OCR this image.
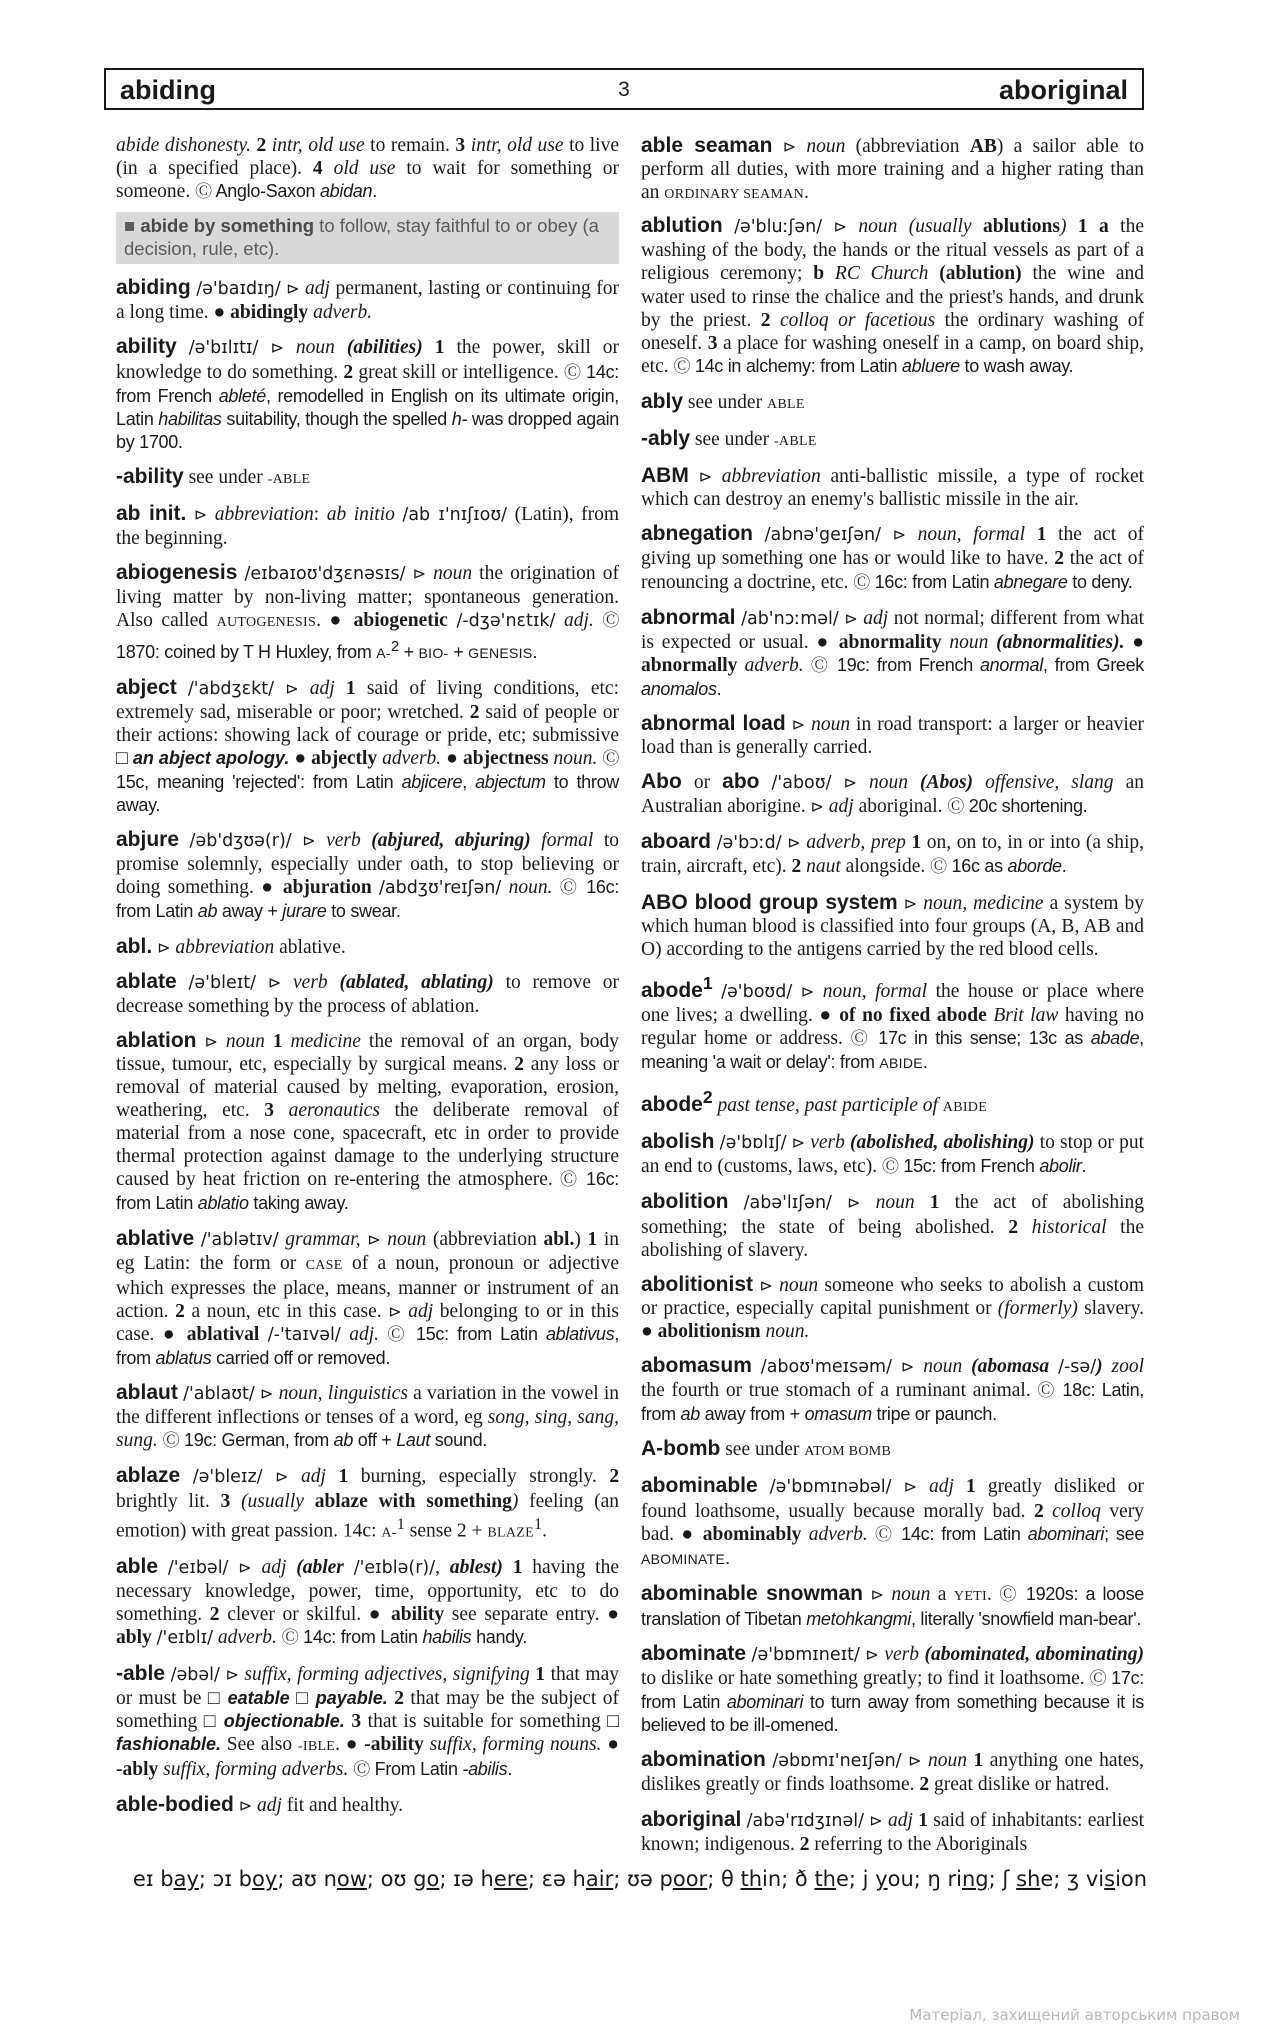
abiding	3	aboriginal
abide dishonesty. 2 intr, old use to remain. 3 intr, old use to live (in a specified place). 4 old use to wait for something or someone. Ⓒ Anglo-Saxon abidan.
■ abide by something to follow, stay faithful to or obey (a decision, rule, etc).
abiding /ə'baɪdɪŋ/ ⊳ adj permanent, lasting or continuing for a long time. ● abidingly adverb.
ability /ə'bɪlɪtɪ/ ⊳ noun (abilities) 1 the power, skill or knowledge to do something. 2 great skill or intelligence. Ⓒ 14c: from French ableté, remodelled in English on its ultimate origin, Latin habilitas suitability, though the spelled h- was dropped again by 1700.
-ability see under -ABLE
ab init. ⊳ abbreviation: ab initio /ab ɪ'nɪʃɪoʊ/ (Latin), from the beginning.
abiogenesis /eɪbaɪoʊ'dʒɛnəsɪs/ ⊳ noun the origination of living matter by non-living matter; spontaneous generation. Also called AUTOGENESIS. ● abiogenetic /-dʒə'nɛtɪk/ adj. Ⓒ 1870: coined by T H Huxley, from A-$^2$ + BIO- + GENESIS.
abject /'abdʒɛkt/ ⊳ adj 1 said of living conditions, etc: extremely sad, miserable or poor; wretched. 2 said of people or their actions: showing lack of courage or pride, etc; submissive □ an abject apology. ● abjectly adverb. ● abjectness noun. Ⓒ 15c, meaning 'rejected': from Latin abjicere, abjectum to throw away.
abjure /əb'dʒʊə(r)/ ⊳ verb (abjured, abjuring) formal to promise solemnly, especially under oath, to stop believing or doing something. ● abjuration /abdʒʊ'reɪʃən/ noun. Ⓒ 16c: from Latin ab away + jurare to swear.
abl. ⊳ abbreviation ablative.
ablate /ə'bleɪt/ ⊳ verb (ablated, ablating) to remove or decrease something by the process of ablation.
ablation ⊳ noun 1 medicine the removal of an organ, body tissue, tumour, etc, especially by surgical means. 2 any loss or removal of material caused by melting, evaporation, erosion, weathering, etc. 3 aeronautics the deliberate removal of material from a nose cone, spacecraft, etc in order to provide thermal protection against damage to the underlying structure caused by heat friction on re-entering the atmosphere. Ⓒ 16c: from Latin ablatio taking away.
ablative /'ablətɪv/ grammar, ⊳ noun (abbreviation abl.) 1 in eg Latin: the form or CASE of a noun, pronoun or adjective which expresses the place, means, manner or instrument of an action. 2 a noun, etc in this case. ⊳ adj belonging to or in this case. ● ablatival /-'taɪvəl/ adj. Ⓒ 15c: from Latin ablativus, from ablatus carried off or removed.
ablaut /'ablaʊt/ ⊳ noun, linguistics a variation in the vowel in the different inflections or tenses of a word, eg song, sing, sang, sung. Ⓒ 19c: German, from ab off + Laut sound.
ablaze /ə'bleɪz/ ⊳ adj 1 burning, especially strongly. 2 brightly lit. 3 (usually ablaze with something) feeling (an emotion) with great passion. 14c: A-$^1$ sense $2 + BLAZE^1$.
able /'eɪbəl/ ⊳ adj (abler /'eɪblə(r)/, ablest) 1 having the necessary knowledge, power, time, opportunity, etc to do something. 2 clever or skilful. ● ability see separate entry. ● ably /'eɪblɪ/ adverb. Ⓒ 14c: from Latin habilis handy.
-able /əbəl/ ⊳ suffix, forming adjectives, signifying 1 that may or must be □ eatable □ payable. 2 that may be the subject of something □ objectionable. 3 that is suitable for something □ fashionable. See also -IBLE. ● -ability suffix, forming nouns. ● -ably suffix, forming adverbs. Ⓒ From Latin -abilis.
able-bodied ⊳ adj fit and healthy.
able seaman ⊳ noun (abbreviation AB) a sailor able to perform all duties, with more training and a higher rating than an ORDINARY SEAMAN.
ablution /ə'bluːʃən/ ⊳ noun (usually ablutions) 1 a the washing of the body, the hands or the ritual vessels as part of a religious ceremony; b RC Church (ablution) the wine and water used to rinse the chalice and the priest's hands, and drunk by the priest. 2 colloq or facetious the ordinary washing of oneself. 3 a place for washing oneself in a camp, on board ship, etc. Ⓒ 14c in alchemy: from Latin abluere to wash away.
ably see under ABLE
-ably see under -ABLE
ABM ⊳ abbreviation anti-ballistic missile, a type of rocket which can destroy an enemy's ballistic missile in the air.
abnegation /abnə'geɪʃən/ ⊳ noun, formal 1 the act of giving up something one has or would like to have. 2 the act of renouncing a doctrine, etc. Ⓒ 16c: from Latin abnegare to deny.
abnormal /ab'nɔːməl/ ⊳ adj not normal; different from what is expected or usual. ● abnormality noun (abnormalities). ● abnormally adverb. Ⓒ 19c: from French anormal, from Greek anomalos.
abnormal load ⊳ noun in road transport: a larger or heavier load than is generally carried.
Abo or abo /'aboʊ/ ⊳ noun (Abos) offensive, slang an Australian aborigine. ⊳ adj aboriginal. Ⓒ 20c shortening.
aboard /ə'bɔːd/ ⊳ adverb, prep 1 on, on to, in or into (a ship, train, aircraft, etc). 2 naut alongside. Ⓒ 16c as aborde.
ABO blood group system ⊳ noun, medicine a system by which human blood is classified into four groups (A, B, AB and O) according to the antigens carried by the red blood cells.
abode$^1$ /ə'boʊd/ ⊳ noun, formal the house or place where one lives; a dwelling. ● of no fixed abode Brit law having no regular home or address. Ⓒ 17c in this sense; 13c as abade, meaning 'a wait or delay': from ABIDE.
abode$^2$ past tense, past participle of ABIDE
abolish /ə'bɒlɪʃ/ ⊳ verb (abolished, abolishing) to stop or put an end to (customs, laws, etc). Ⓒ 15c: from French abolir.
abolition /abə'lɪʃən/ ⊳ noun 1 the act of abolishing something; the state of being abolished. 2 historical the abolishing of slavery.
abolitionist ⊳ noun someone who seeks to abolish a custom or practice, especially capital punishment or (formerly) slavery. ● abolitionism noun.
abomasum /aboʊ'meɪsəm/ ⊳ noun (abomasa /-sə/) zool the fourth or true stomach of a ruminant animal. Ⓒ 18c: Latin, from ab away from + omasum tripe or paunch.
A-bomb see under ATOM BOMB
abominable /ə'bɒmɪnəbəl/ ⊳ adj 1 greatly disliked or found loathsome, usually because morally bad. 2 colloq very bad. ● abominably adverb. Ⓒ 14c: from Latin abominari; see ABOMINATE.
abominable snowman ⊳ noun a YETI. Ⓒ 1920s: a loose translation of Tibetan metohkangmi, literally 'snowfield man-bear'.
abominate /ə'bɒmɪneɪt/ ⊳ verb (abominated, abominating) to dislike or hate something greatly; to find it loathsome. Ⓒ 17c: from Latin abominari to turn away from something because it is believed to be ill-omened.
abomination /əbɒmɪ'neɪʃən/ ⊳ noun 1 anything one hates, dislikes greatly or finds loathsome. 2 great dislike or hatred.
aboriginal /abə'rɪdʒɪnəl/ ⊳ adj 1 said of inhabitants: earliest known; indigenous. 2 referring to the Aboriginals
eɪ bay; ɔɪ boy; aʊ now; oʊ go; ɪə here; ɛə hair; ʊə poor; θ thin; ð the; j you; ŋ ring; ʃ she; ʒ vision
Матеріал, захищений авторським правом
